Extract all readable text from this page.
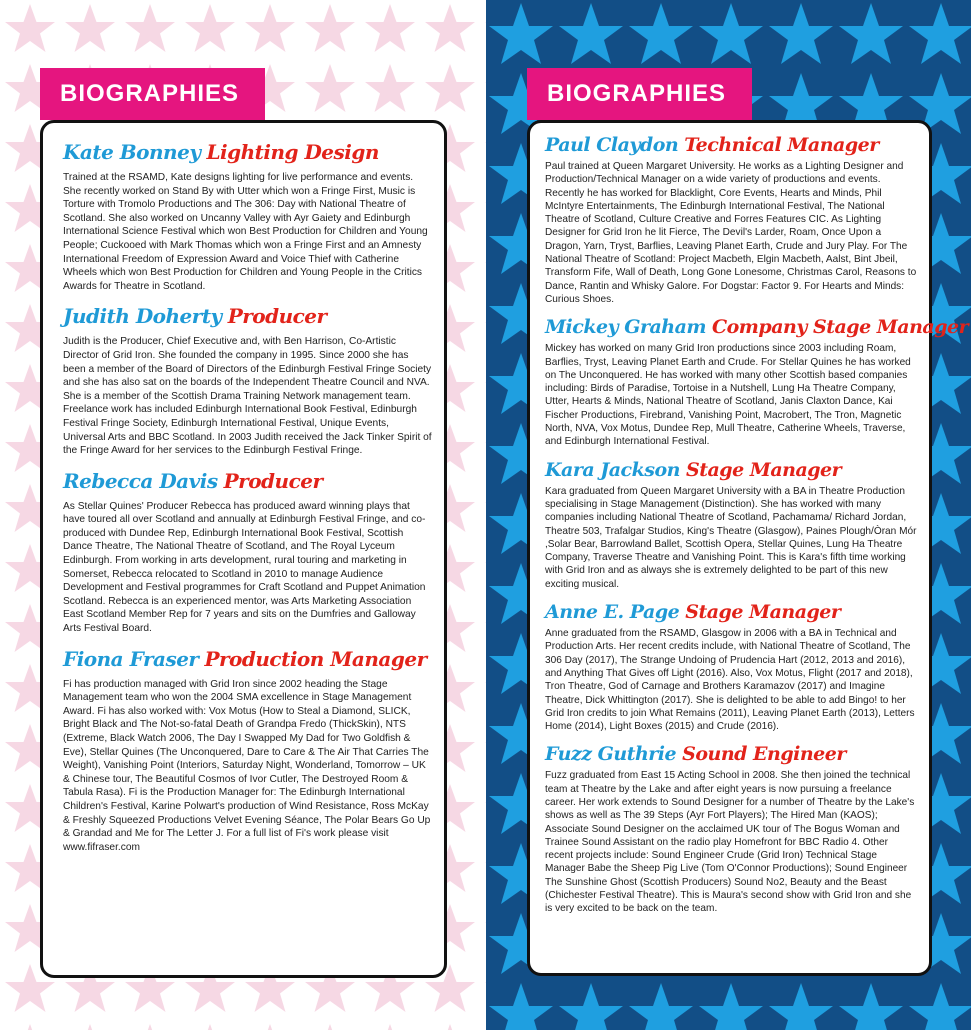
BIOGRAPHIES	BIOGRAPHIES
Kate Bonney Lighting Design

Trained at the RSAMD, Kate designs lighting for live performance and events. She recently worked on Stand By with Utter which won a Fringe First, Music is Torture with Tromolo Productions and The 306: Day with National Theatre of Scotland. She also worked on Uncanny Valley with Ayr Gaiety and Edinburgh International Science Festival which won Best Production for Children and Young People; Cuckooed with Mark Thomas which won a Fringe First and an Amnesty International Freedom of Expression Award and Voice Thief with Catherine Wheels which won Best Production for Children and Young People in the Critics Awards for Theatre in Scotland.

Judith Doherty Producer

Judith is the Producer, Chief Executive and, with Ben Harrison, Co-Artistic Director of Grid Iron. She founded the company in 1995. Since 2000 she has been a member of the Board of Directors of the Edinburgh Festival Fringe Society and she has also sat on the boards of the Independent Theatre Council and NVA. She is a member of the Scottish Drama Training Network management team. Freelance work has included Edinburgh International Book Festival, Edinburgh Festival Fringe Society, Edinburgh International Festival, Unique Events, Universal Arts and BBC Scotland. In 2003 Judith received the Jack Tinker Spirit of the Fringe Award for her services to the Edinburgh Festival Fringe.

Rebecca Davis Producer

As Stellar Quines' Producer Rebecca has produced award winning plays that have toured all over Scotland and annually at Edinburgh Festival Fringe, and co-produced with Dundee Rep, Edinburgh International Book Festival, Scottish Dance Theatre, The National Theatre of Scotland, and The Royal Lyceum Edinburgh. From working in arts development, rural touring and marketing in Somerset, Rebecca relocated to Scotland in 2010 to manage Audience Development and Festival programmes for Craft Scotland and Puppet Animation Scotland. Rebecca is an experienced mentor, was Arts Marketing Association East Scotland Member Rep for 7 years and sits on the Dumfries and Galloway Arts Festival Board.

Fiona Fraser Production Manager

Fi has production managed with Grid Iron since 2002 heading the Stage Management team who won the 2004 SMA excellence in Stage Management Award. Fi has also worked with: Vox Motus (How to Steal a Diamond, SLICK, Bright Black and The Not-so-fatal Death of Grandpa Fredo (ThickSkin), NTS (Extreme, Black Watch 2006, The Day I Swapped My Dad for Two Goldfish & Eve), Stellar Quines (The Unconquered, Dare to Care & The Air That Carries The Weight), Vanishing Point (Interiors, Saturday Night, Wonderland, Tomorrow – UK & Chinese tour, The Beautiful Cosmos of Ivor Cutler, The Destroyed Room & Tabula Rasa). Fi is the Production Manager for: The Edinburgh International Children's Festival, Karine Polwart's production of Wind Resistance, Ross McKay & Freshly Squeezed Productions Velvet Evening Séance, The Polar Bears Go Up & Grandad and Me for The Letter J. For a full list of Fi's work please visit www.fifraser.com

Paul Claydon Technical Manager

Paul trained at Queen Margaret University. He works as a Lighting Designer and Production/Technical Manager on a wide variety of productions and events. Recently he has worked for Blacklight, Core Events, Hearts and Minds, Phil McIntyre Entertainments, The Edinburgh International Festival, The National Theatre of Scotland, Culture Creative and Forres Features CIC. As Lighting Designer for Grid Iron he lit Fierce, The Devil's Larder, Roam, Once Upon a Dragon, Yarn, Tryst, Barflies, Leaving Planet Earth, Crude and Jury Play. For The National Theatre of Scotland: Project Macbeth, Elgin Macbeth, Aalst, Bint Jbeil, Transform Fife, Wall of Death, Long Gone Lonesome, Christmas Carol, Reasons to Dance, Rantin and Whisky Galore. For Dogstar: Factor 9. For Hearts and Minds: Curious Shoes.

Mickey Graham Company Stage Manager

Mickey has worked on many Grid Iron productions since 2003 including Roam, Barflies, Tryst, Leaving Planet Earth and Crude. For Stellar Quines he has worked on The Unconquered. He has worked with many other Scottish based companies including: Birds of Paradise, Tortoise in a Nutshell, Lung Ha Theatre Company, Utter, Hearts & Minds, National Theatre of Scotland, Janis Claxton Dance, Kai Fischer Productions, Firebrand, Vanishing Point, Macrobert, The Tron, Magnetic North, NVA, Vox Motus, Dundee Rep, Mull Theatre, Catherine Wheels, Traverse, and Edinburgh International Festival.

Kara Jackson Stage Manager

Kara graduated from Queen Margaret University with a BA in Theatre Production specialising in Stage Management (Distinction). She has worked with many companies including National Theatre of Scotland, Pachamama/ Richard Jordan, Theatre 503, Trafalgar Studios, King's Theatre (Glasgow), Paines Plough/Òran Mór ,Solar Bear, Barrowland Ballet, Scottish Opera, Stellar Quines, Lung Ha Theatre Company, Traverse Theatre and Vanishing Point. This is Kara's fifth time working with Grid Iron and as always she is extremely delighted to be part of this new exciting musical.

Anne E. Page Stage Manager

Anne graduated from the RSAMD, Glasgow in 2006 with a BA in Technical and Production Arts. Her recent credits include, with National Theatre of Scotland, The 306 Day (2017), The Strange Undoing of Prudencia Hart (2012, 2013 and 2016), and Anything That Gives off Light (2016). Also, Vox Motus, Flight (2017 and 2018), Tron Theatre, God of Carnage and Brothers Karamazov (2017) and Imagine Theatre, Dick Whittington (2017). She is delighted to be able to add Bingo! to her Grid Iron credits to join What Remains (2011), Leaving Planet Earth (2013), Letters Home (2014), Light Boxes (2015) and Crude (2016).

Fuzz Guthrie Sound Engineer

Fuzz graduated from East 15 Acting School in 2008. She then joined the technical team at Theatre by the Lake and after eight years is now pursuing a freelance career. Her work extends to Sound Designer for a number of Theatre by the Lake's shows as well as The 39 Steps (Ayr Fort Players); The Hired Man (KAOS); Associate Sound Designer on the acclaimed UK tour of The Bogus Woman and Trainee Sound Assistant on the radio play Homefront for BBC Radio 4. Other recent projects include: Sound Engineer Crude (Grid Iron) Technical Stage Manager Babe the Sheep Pig Live (Tom O'Connor Productions); Sound Engineer The Sunshine Ghost (Scottish Producers) Sound No2, Beauty and the Beast (Chichester Festival Theatre). This is Maura's second show with Grid Iron and she is very excited to be back on the team.
